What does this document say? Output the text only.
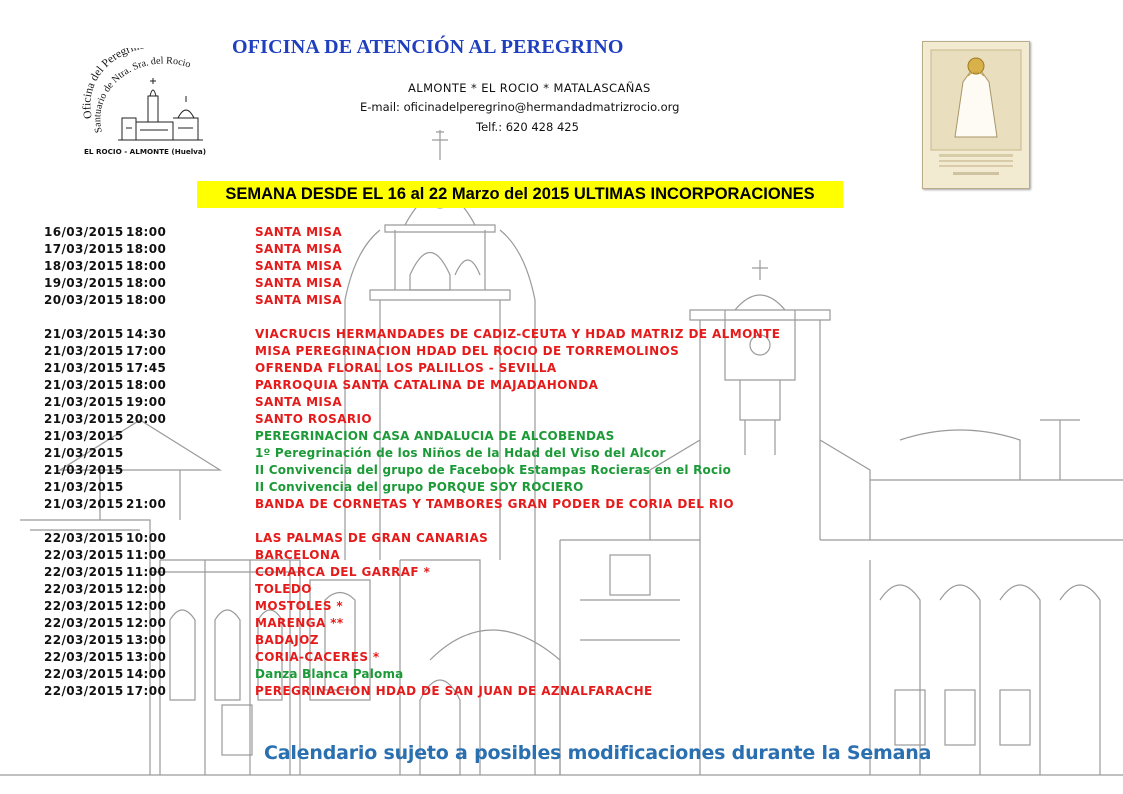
Oficina del Peregri
Santuario de Ntra. Sra. del Rocio
EL ROCIO - ALMONTE (Huelva)
OFICINA DE ATENCIÓN AL PEREGRINO
ALMONTE * EL ROCIO * MATALASCAÑAS
E-mail: oficinadelperegrino@hermandadmatrizrocio.org
Telf.: 620 428 425
SEMANA DESDE EL 16 al 22 Marzo del 2015 ULTIMAS INCORPORACIONES
16/03/2015 18:00	SANTA MISA
17/03/2015 18:00	SANTA MISA
18/03/2015 18:00	SANTA MISA
19/03/2015 18:00	SANTA MISA
20/03/2015 18:00	SANTA MISA
21/03/2015 14:30	VIACRUCIS HERMANDADES DE CADIZ-CEUTA Y HDAD MATRIZ DE ALMONTE
21/03/2015 17:00	MISA PEREGRINACION HDAD DEL ROCIO DE TORREMOLINOS
21/03/2015 17:45	OFRENDA FLORAL LOS PALILLOS - SEVILLA
21/03/2015 18:00	PARROQUIA SANTA CATALINA DE MAJADAHONDA
21/03/2015 19:00	SANTA MISA
21/03/2015 20:00	SANTO ROSARIO
21/03/2015	PEREGRINACION CASA ANDALUCIA DE ALCOBENDAS
21/03/2015	1º Peregrinación de los Niños de la Hdad del Viso del Alcor
21/03/2015	II Convivencia del grupo de Facebook Estampas Rocieras en el Rocio
21/03/2015	II Convivencia del grupo PORQUE SOY ROCIERO
21/03/2015 21:00	BANDA DE CORNETAS Y TAMBORES GRAN PODER DE CORIA DEL RIO
22/03/2015 10:00	LAS PALMAS DE GRAN CANARIAS
22/03/2015 11:00	BARCELONA
22/03/2015 11:00	COMARCA DEL GARRAF *
22/03/2015 12:00	TOLEDO
22/03/2015 12:00	MOSTOLES *
22/03/2015 12:00	MARENGA **
22/03/2015 13:00	BADAJOZ
22/03/2015 13:00	CORIA-CACERES *
22/03/2015 14:00	Danza Blanca Paloma
22/03/2015 17:00	PEREGRINACION HDAD DE SAN JUAN DE AZNALFARACHE
Calendario sujeto a posibles modificaciones durante la Semana
